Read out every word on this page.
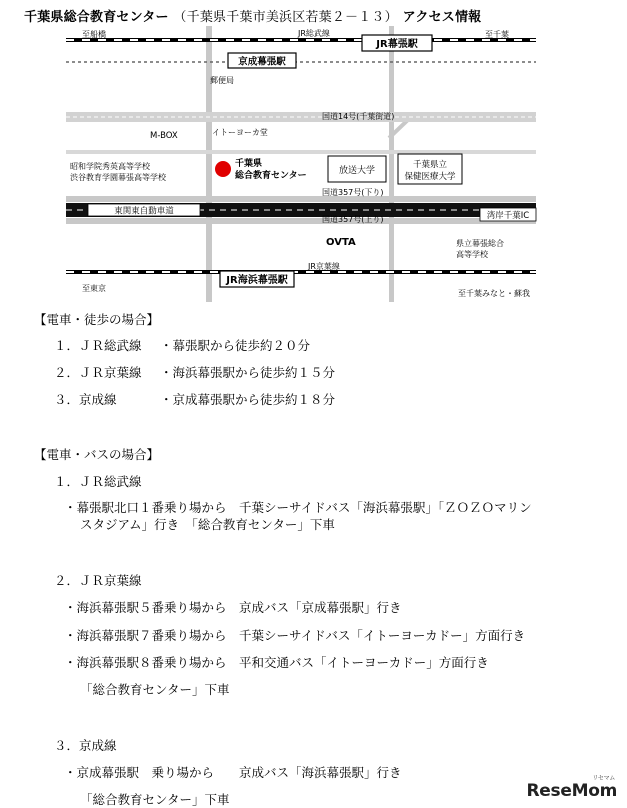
千葉県総合教育センター （千葉県千葉市美浜区若葉２－１３） アクセス情報
JR幕張駅
京成幕張駅
JR海浜幕張駅
放送大学
千葉県立
保健医療大学
千葉県
総合教育センター
至船橋	JR総武線	至千葉
郵便局
国道14号(千葉街道)
M-BOX	イトーヨーカ堂
昭和学院秀英高等学校
渋谷教育学園幕張高等学校
国道357号(下り)
東関東自動車道
国道357号(上り)	湾岸千葉IC
OVTA	県立幕張総合
高等学校
JR京葉線
至東京
至千葉みなと・蘇我
【電車・徒歩の場合】
１．ＪＲ総武線 ・幕張駅から徒歩約２０分
２．ＪＲ京葉線 ・海浜幕張駅から徒歩約１５分
３．京成線	・京成幕張駅から徒歩約１８分
【電車・バスの場合】
１．ＪＲ総武線
・幕張駅北口１番乗り場から　千葉シーサイドバス「海浜幕張駅」「ＺＯＺＯマリン
スタジアム」行き　「総合教育センター」下車
２．ＪＲ京葉線
・海浜幕張駅５番乗り場から　京成バス「京成幕張駅」行き
・海浜幕張駅７番乗り場から　千葉シーサイドバス「イトーヨーカドー」方面行き
・海浜幕張駅８番乗り場から　平和交通バス「イトーヨーカドー」方面行き
「総合教育センター」下車
３．京成線
・京成幕張駅　乗り場から　　京成バス「海浜幕張駅」行き
「総合教育センター」下車
リセマム
ReseMom
